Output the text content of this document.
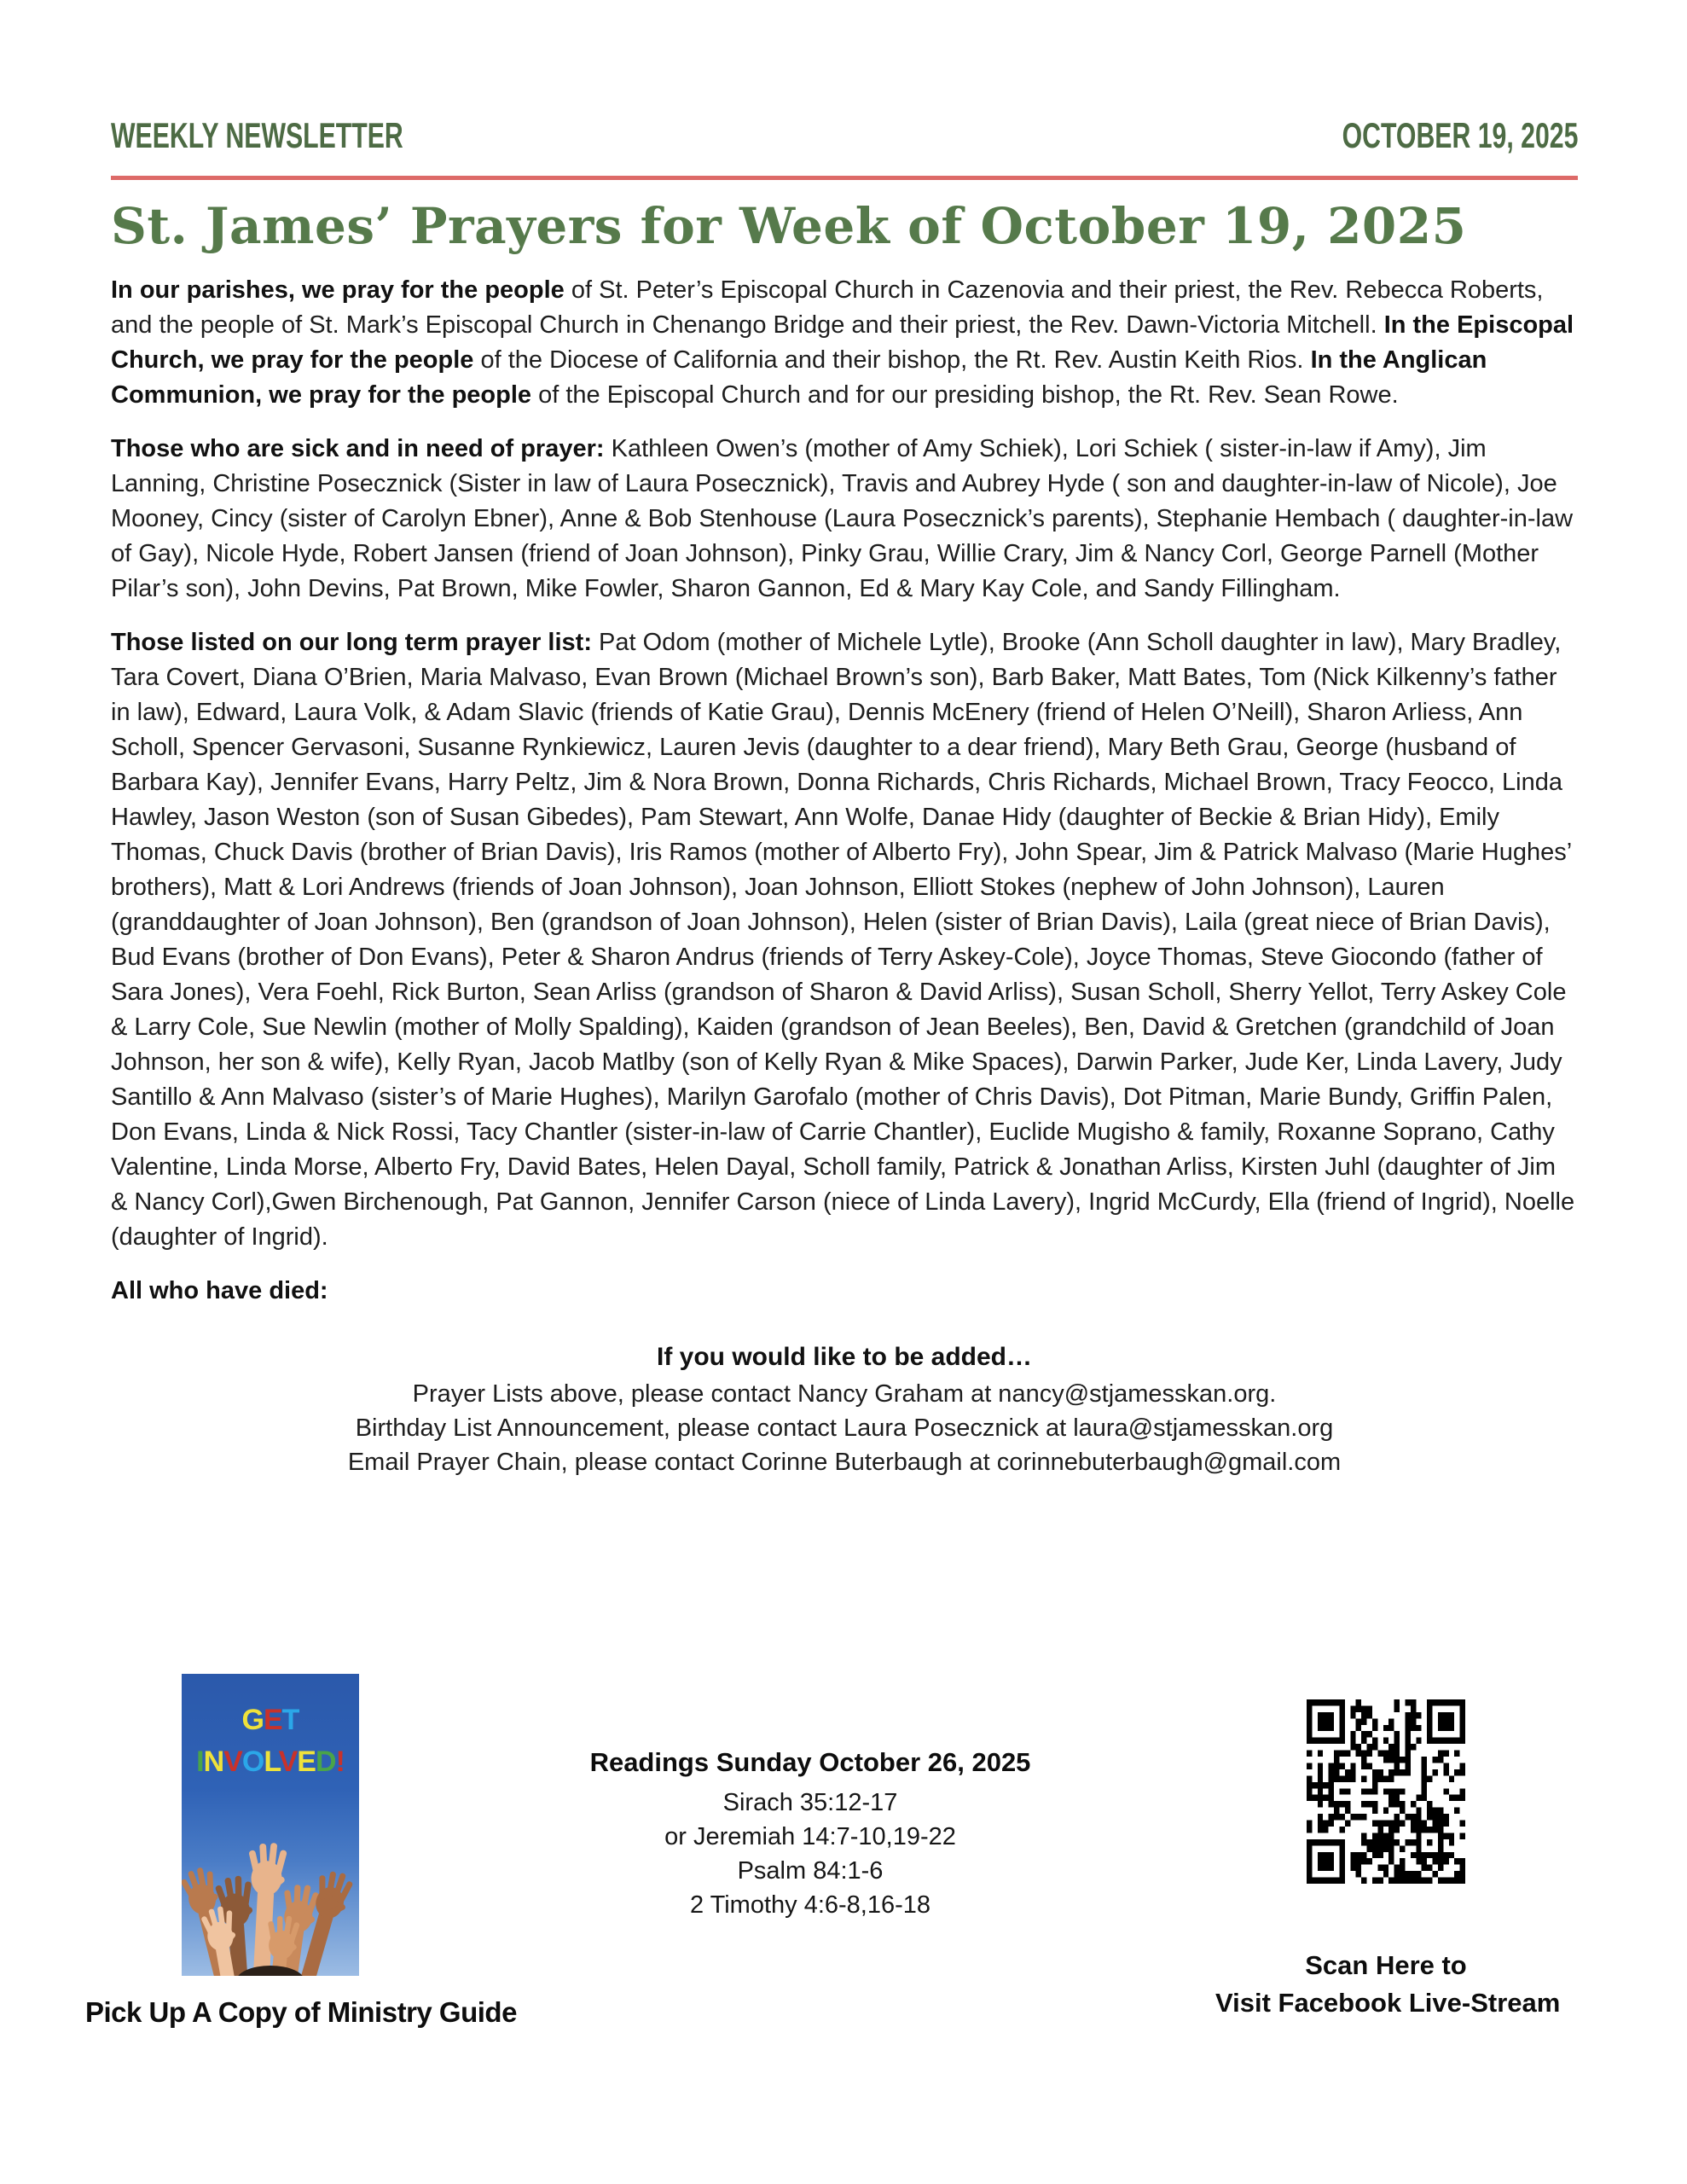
WEEKLY NEWSLETTER	OCTOBER 19, 2025
St. James’ Prayers for Week of October 19, 2025

In our parishes, we pray for the people of St. Peter’s Episcopal Church in Cazenovia and their priest, the Rev. Rebecca Roberts, and the people of St. Mark’s Episcopal Church in Chenango Bridge and their priest, the Rev. Dawn-Victoria Mitchell. In the Episcopal Church, we pray for the people of the Diocese of California and their bishop, the Rt. Rev. Austin Keith Rios. In the Anglican Communion, we pray for the people of the Episcopal Church and for our presiding bishop, the Rt. Rev. Sean Rowe.

Those who are sick and in need of prayer: Kathleen Owen’s (mother of Amy Schiek), Lori Schiek ( sister-in-law if Amy), Jim Lanning, Christine Posecznick (Sister in law of Laura Posecznick), Travis and Aubrey Hyde ( son and daughter-in-law of Nicole), Joe Mooney, Cincy (sister of Carolyn Ebner), Anne & Bob Stenhouse (Laura Posecznick’s parents), Stephanie Hembach ( daughter-in-law of Gay), Nicole Hyde, Robert Jansen (friend of Joan Johnson), Pinky Grau, Willie Crary, Jim & Nancy Corl, George Parnell (Mother Pilar’s son), John Devins, Pat Brown, Mike Fowler, Sharon Gannon, Ed & Mary Kay Cole, and Sandy Fillingham.

Those listed on our long term prayer list: Pat Odom (mother of Michele Lytle), Brooke (Ann Scholl daughter in law), Mary Bradley, Tara Covert, Diana O’Brien, Maria Malvaso, Evan Brown (Michael Brown’s son), Barb Baker, Matt Bates, Tom (Nick Kilkenny’s father in law), Edward, Laura Volk, & Adam Slavic (friends of Katie Grau), Dennis McEnery (friend of Helen O’Neill), Sharon Arliess, Ann Scholl, Spencer Gervasoni, Susanne Rynkiewicz, Lauren Jevis (daughter to a dear friend), Mary Beth Grau, George (husband of Barbara Kay), Jennifer Evans, Harry Peltz, Jim & Nora Brown, Donna Richards, Chris Richards, Michael Brown, Tracy Feocco, Linda Hawley, Jason Weston (son of Susan Gibedes), Pam Stewart, Ann Wolfe, Danae Hidy (daughter of Beckie & Brian Hidy), Emily Thomas, Chuck Davis (brother of Brian Davis), Iris Ramos (mother of Alberto Fry), John Spear, Jim & Patrick Malvaso (Marie Hughes’ brothers), Matt & Lori Andrews (friends of Joan Johnson), Joan Johnson, Elliott Stokes (nephew of John Johnson), Lauren (granddaughter of Joan Johnson), Ben (grandson of Joan Johnson), Helen (sister of Brian Davis), Laila (great niece of Brian Davis), Bud Evans (brother of Don Evans), Peter & Sharon Andrus (friends of Terry Askey-Cole), Joyce Thomas, Steve Giocondo (father of Sara Jones), Vera Foehl, Rick Burton, Sean Arliss (grandson of Sharon & David Arliss), Susan Scholl, Sherry Yellot, Terry Askey Cole & Larry Cole, Sue Newlin (mother of Molly Spalding), Kaiden (grandson of Jean Beeles), Ben, David & Gretchen (grandchild of Joan Johnson, her son & wife), Kelly Ryan, Jacob Matlby (son of Kelly Ryan & Mike Spaces), Darwin Parker, Jude Ker, Linda Lavery, Judy Santillo & Ann Malvaso (sister’s of Marie Hughes), Marilyn Garofalo (mother of Chris Davis), Dot Pitman, Marie Bundy, Griffin Palen, Don Evans, Linda & Nick Rossi, Tacy Chantler (sister-in-law of Carrie Chantler), Euclide Mugisho & family, Roxanne Soprano, Cathy Valentine, Linda Morse, Alberto Fry, David Bates, Helen Dayal, Scholl family, Patrick & Jonathan Arliss, Kirsten Juhl (daughter of Jim & Nancy Corl),Gwen Birchenough, Pat Gannon, Jennifer Carson (niece of Linda Lavery), Ingrid McCurdy, Ella (friend of Ingrid), Noelle (daughter of Ingrid).

All who have died:

If you would like to be added…
Prayer Lists above, please contact Nancy Graham at nancy@stjamesskan.org.
Birthday List Announcement, please contact Laura Posecznick at laura@stjamesskan.org
Email Prayer Chain, please contact Corinne Buterbaugh at corinnebuterbaugh@gmail.com
GET
INVOLVED!
Pick Up A Copy of Ministry Guide
Readings Sunday October 26, 2025
Sirach 35:12-17
or Jeremiah 14:7-10,19-22
Psalm 84:1-6
2 Timothy 4:6-8,16-18
Scan Here to
Visit Facebook Live-Stream
